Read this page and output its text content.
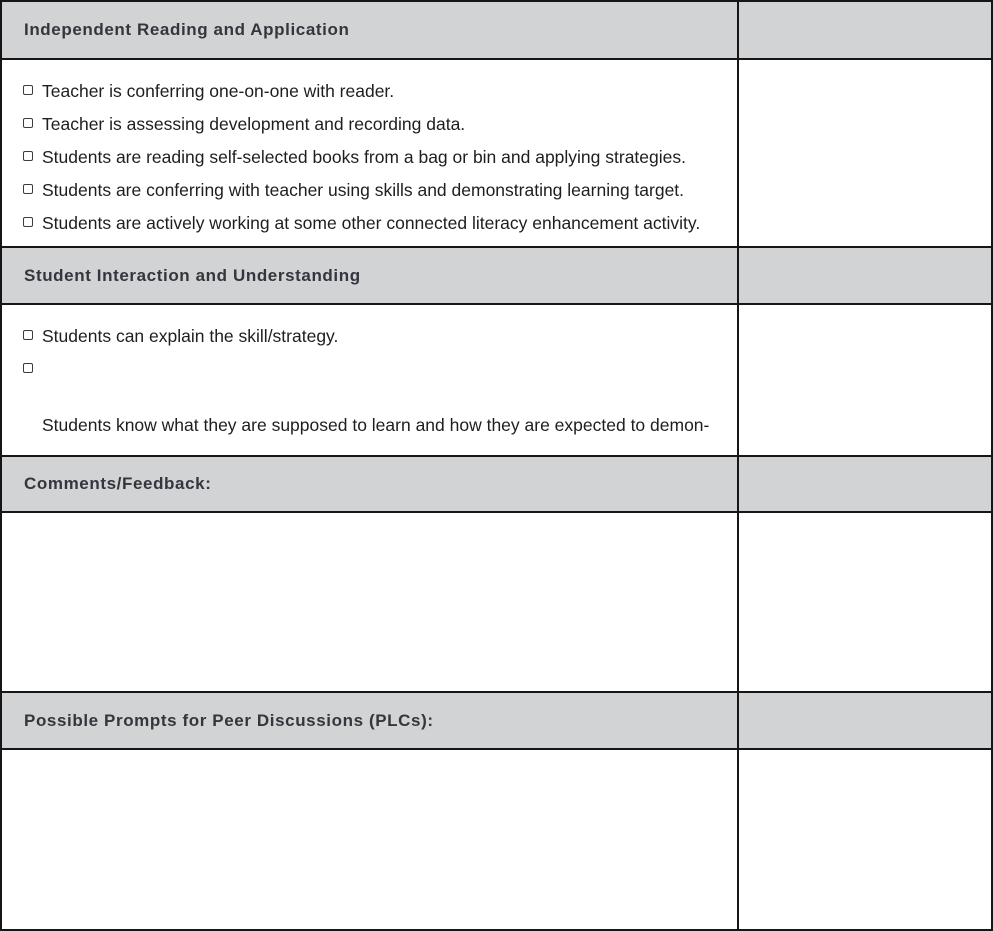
Independent Reading and Application
Teacher is conferring one-on-one with reader.
Teacher is assessing development and recording data.
Students are reading self-selected books from a bag or bin and applying strategies.
Students are conferring with teacher using skills and demonstrating learning target.
Students are actively working at some other connected literacy enhancement activity.
Student Interaction and Understanding
Students can explain the skill/strategy.

Students know what they are supposed to learn and how they are expected to demon-

Comments/Feedback:
Possible Prompts for Peer Discussions (PLCs):
